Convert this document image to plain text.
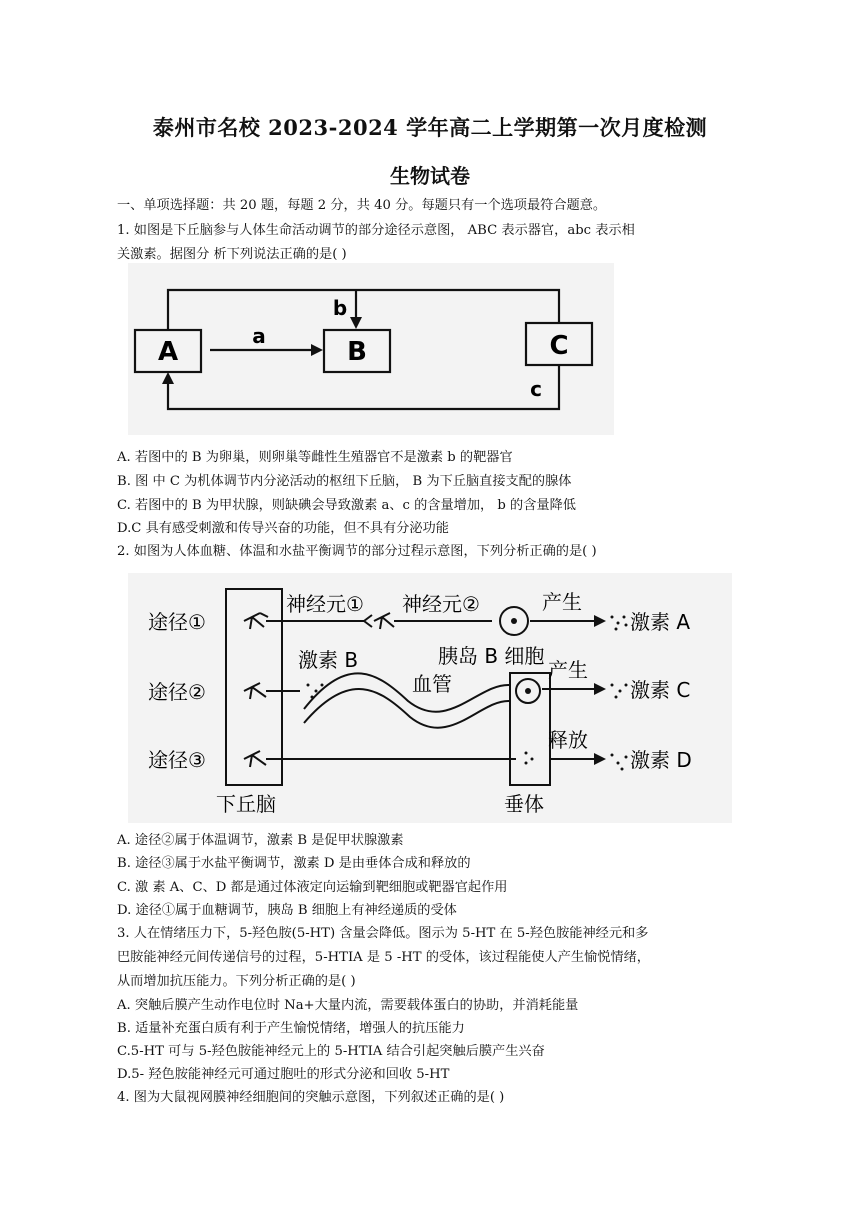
泰州市名校 2023-2024 学年高二上学期第一次月度检测
生物试卷
一、单项选择题：共 20 题，每题 2 分，共 40 分。每题只有一个选项最符合题意。
1. 如图是下丘脑参与人体生命活动调节的部分途径示意图， ABC 表示器官，abc 表示相
关激素。据图分 析下列说法正确的是( )
A	B	C
a
b
c
A. 若图中的 B 为卵巢，则卵巢等雌性生殖器官不是激素 b 的靶器官
B. 图 中 C 为机体调节内分泌活动的枢纽下丘脑， B 为下丘脑直接支配的腺体
C. 若图中的 B 为甲状腺，则缺碘会导致激素 a、c 的含量增加， b 的含量降低
D.C 具有感受刺激和传导兴奋的功能，但不具有分泌功能
2. 如图为人体血糖、体温和水盐平衡调节的部分过程示意图，下列分析正确的是( )
途径①
途径②
途径③
神经元① 神经元②	产生
激素 A
激素 B	胰岛 B 细胞
血管
产生
激素 C
释放
激素 D
下丘脑	垂体
A. 途径②属于体温调节，激素 B 是促甲状腺激素
B. 途径③属于水盐平衡调节，激素 D 是由垂体合成和释放的
C. 激 素 A、C、D 都是通过体液定向运输到靶细胞或靶器官起作用
D. 途径①属于血糖调节，胰岛 B 细胞上有神经递质的受体
3. 人在情绪压力下，5-羟色胺(5-HT) 含量会降低。图示为 5-HT 在 5-羟色胺能神经元和多
巴胺能神经元间传递信号的过程，5-HTIA 是 5 -HT 的受体，该过程能使人产生愉悦情绪，
从而增加抗压能力。下列分析正确的是( )
A. 突触后膜产生动作电位时 Na+大量内流，需要载体蛋白的协助，并消耗能量
B. 适量补充蛋白质有利于产生愉悦情绪，增强人的抗压能力
C.5-HT 可与 5-羟色胺能神经元上的 5-HTIA 结合引起突触后膜产生兴奋
D.5- 羟色胺能神经元可通过胞吐的形式分泌和回收 5-HT
4. 图为大鼠视网膜神经细胞间的突触示意图，下列叙述正确的是( )
